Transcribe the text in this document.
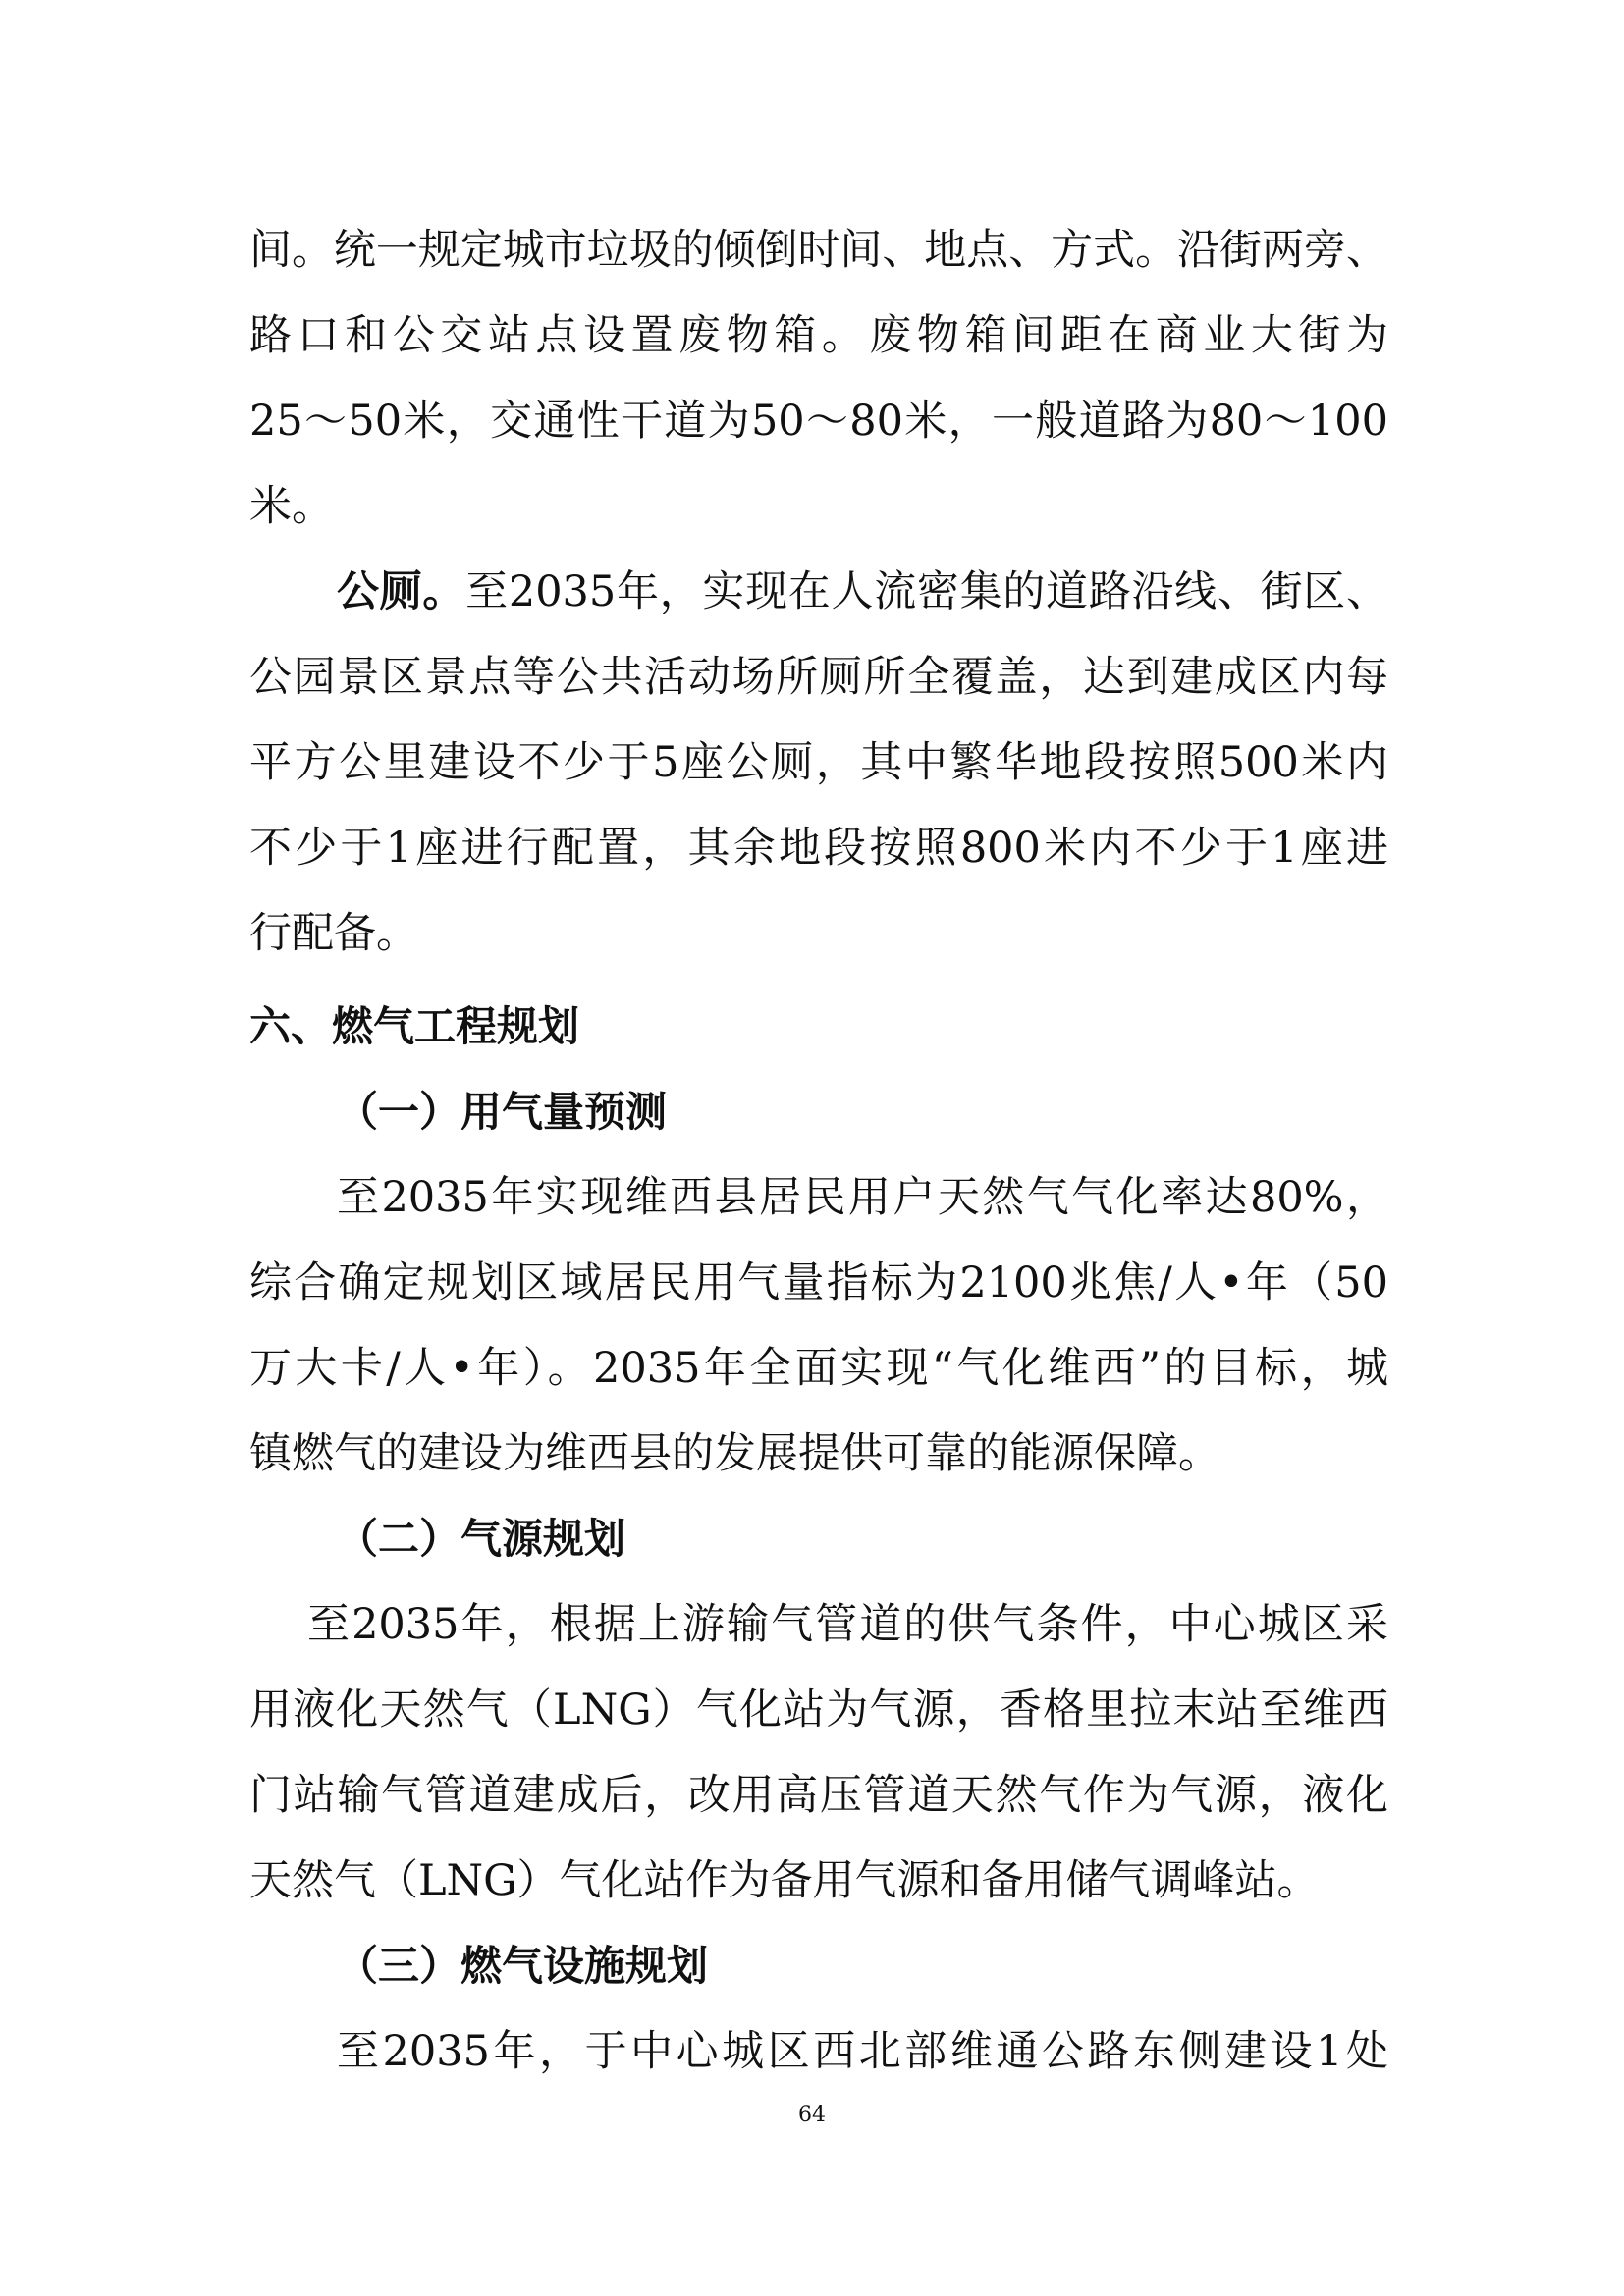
间。统一规定城市垃圾的倾倒时间、地点、方式。沿街两旁、

路口和公交站点设置废物箱。废物箱间距在商业大街为

25～50米，交通性干道为50～80米，一般道路为80～100

米。

公厕。至2035年，实现在人流密集的道路沿线、街区、

公园景区景点等公共活动场所厕所全覆盖，达到建成区内每

平方公里建设不少于5座公厕，其中繁华地段按照500米内

不少于1座进行配置，其余地段按照800米内不少于1座进

行配备。

六、燃气工程规划

（一）用气量预测

至2035年实现维西县居民用户天然气气化率达80%，

综合确定规划区域居民用气量指标为2100兆焦/人•年（50

万大卡/人•年）。2035年全面实现“气化维西”的目标，城

镇燃气的建设为维西县的发展提供可靠的能源保障。

（二）气源规划

至2035年，根据上游输气管道的供气条件，中心城区采

用液化天然气（LNG）气化站为气源，香格里拉末站至维西

门站输气管道建成后，改用高压管道天然气作为气源，液化

天然气（LNG）气化站作为备用气源和备用储气调峰站。

（三）燃气设施规划

至2035年，于中心城区西北部维通公路东侧建设1处

64
